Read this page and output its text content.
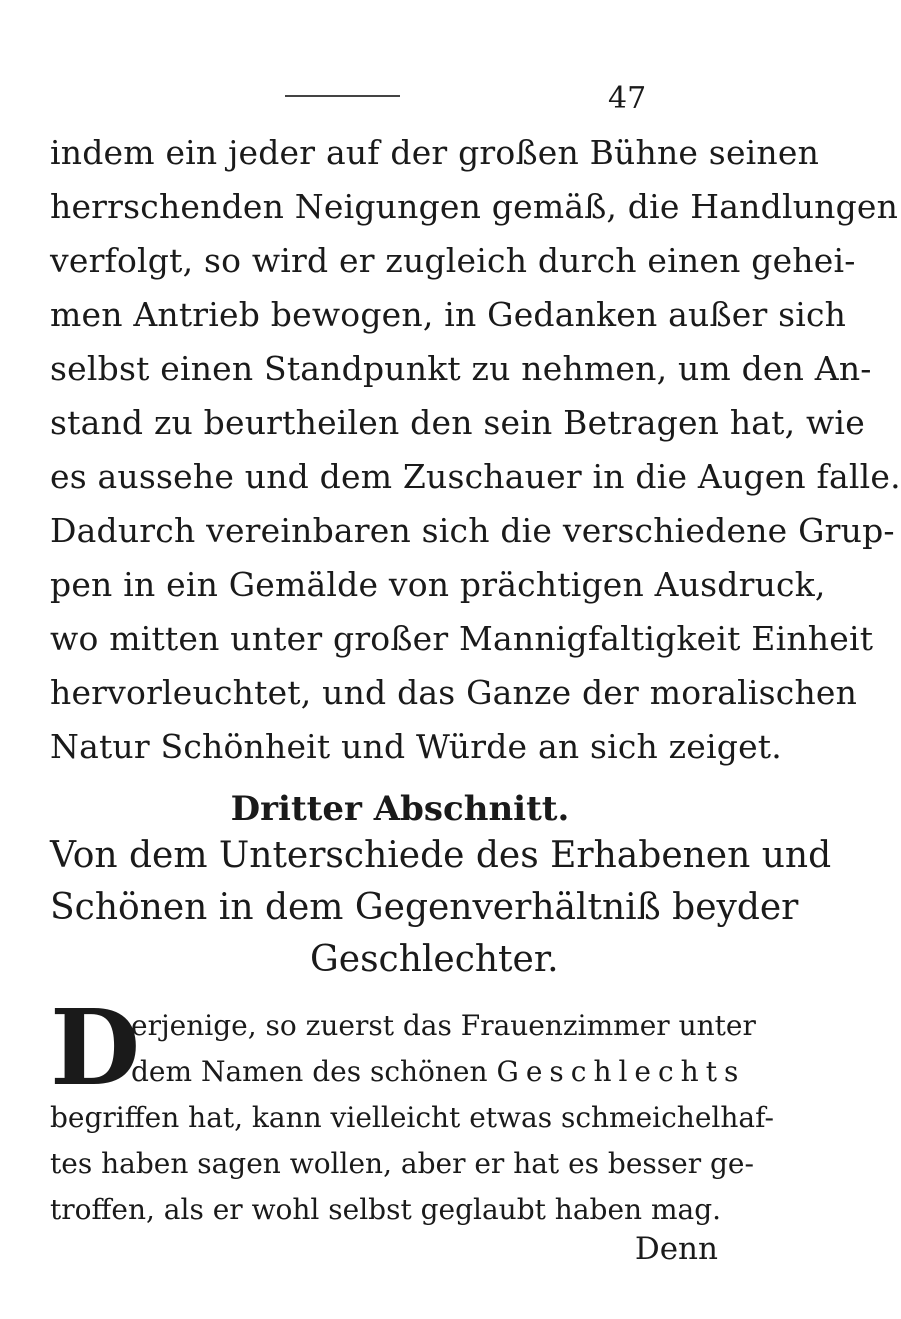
47
indem ein jeder auf der großen Bühne seinen
herrschenden Neigungen gemäß, die Handlungen
verfolgt, so wird er zugleich durch einen gehei-
men Antrieb bewogen, in Gedanken außer sich
selbst einen Standpunkt zu nehmen, um den An-
stand zu beurtheilen den sein Betragen hat, wie
es aussehe und dem Zuschauer in die Augen falle.
Dadurch vereinbaren sich die verschiedene Grup-
pen in ein Gemälde von prächtigen Ausdruck,
wo mitten unter großer Mannigfaltigkeit Einheit
hervorleuchtet, und das Ganze der moralischen
Natur Schönheit und Würde an sich zeiget.
Dritter Abschnitt.
Von dem Unterschiede des Erhabenen und
Schönen in dem Gegenverhältniß beyder
Geschlechter.
D
erjenige, so zuerst das Frauenzimmer unter
dem Namen des schönen Geschlechts
begriffen hat, kann vielleicht etwas schmeichelhaf-
tes haben sagen wollen, aber er hat es besser ge-
troffen, als er wohl selbst geglaubt haben mag.
Denn
